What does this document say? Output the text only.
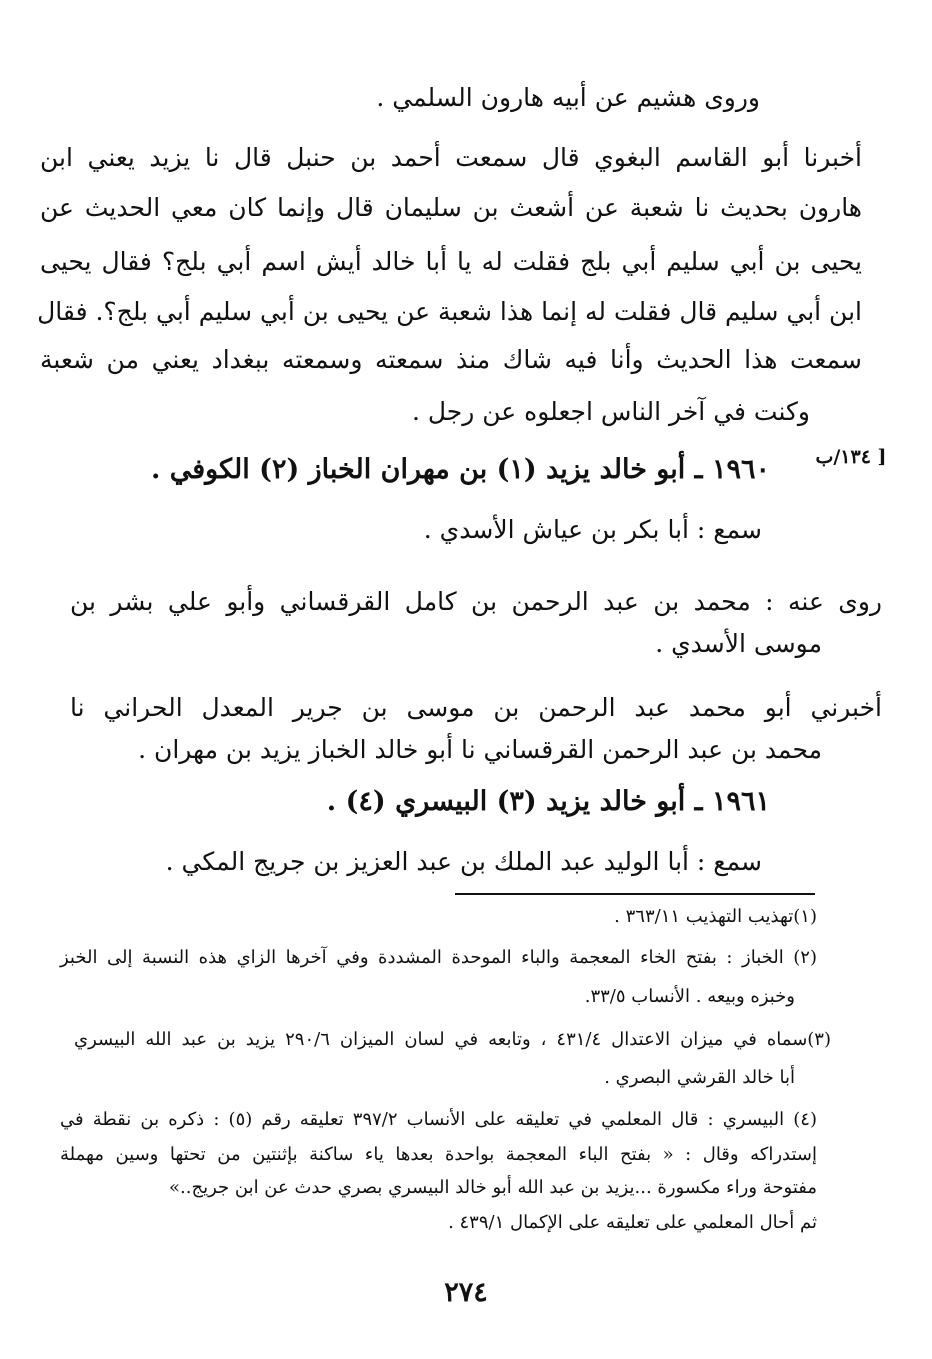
وروى هشيم عن أبيه هارون السلمي .
أخبرنا أبو القاسم البغوي قال سمعت أحمد بن حنبل قال نا يزيد يعني ابن
هارون بحديث نا شعبة عن أشعث بن سليمان قال وإنما كان معي الحديث عن
يحيى بن أبي سليم أبي بلج فقلت له يا أبا خالد أيش اسم أبي بلج؟ فقال يحيى
ابن أبي سليم قال فقلت له إنما هذا شعبة عن يحيى بن أبي سليم أبي بلج؟. فقال
سمعت هذا الحديث وأنا فيه شاك منذ سمعته وسمعته ببغداد يعني من شعبة
وكنت في آخر الناس اجعلوه عن رجل .
[ ١٣٤/ب
١٩٦٠ ـ أبو خالد يزيد (١) بن مهران الخباز (٢) الكوفي .
سمع : أبا بكر بن عياش الأسدي .
روى عنه : محمد بن عبد الرحمن بن كامل القرقساني وأبو علي بشر بن
موسى الأسدي .
أخبرني أبو محمد عبد الرحمن بن موسى بن جرير المعدل الحراني نا
محمد بن عبد الرحمن القرقساني نا أبو خالد الخباز يزيد بن مهران .
١٩٦١ ـ أبو خالد يزيد (٣) البيسري (٤) .
سمع : أبا الوليد عبد الملك بن عبد العزيز بن جريج المكي .
(١)تهذيب التهذيب ٣٦٣/١١ .
(٢) الخباز : بفتح الخاء المعجمة والباء الموحدة المشددة وفي آخرها الزاي هذه النسبة إلى الخبز
وخبزه وبيعه . الأنساب ٣٣/٥.
(٣)سماه في ميزان الاعتدال ٤٣١/٤ ، وتابعه في لسان الميزان ٢٩٠/٦ يزيد بن عبد الله البيسري
أبا خالد القرشي البصري .
(٤) البيسري : قال المعلمي في تعليقه على الأنساب ٣٩٧/٢ تعليقه رقم (٥) : ذكره بن نقطة في
إستدراكه وقال : « بفتح الباء المعجمة بواحدة بعدها ياء ساكنة بإثنتين من تحتها وسين مهملة
مفتوحة وراء مكسورة ...يزيد بن عبد الله أبو خالد البيسري بصري حدث عن ابن جريج..»
ثم أحال المعلمي على تعليقه على الإكمال ٤٣٩/١ .
٢٧٤
